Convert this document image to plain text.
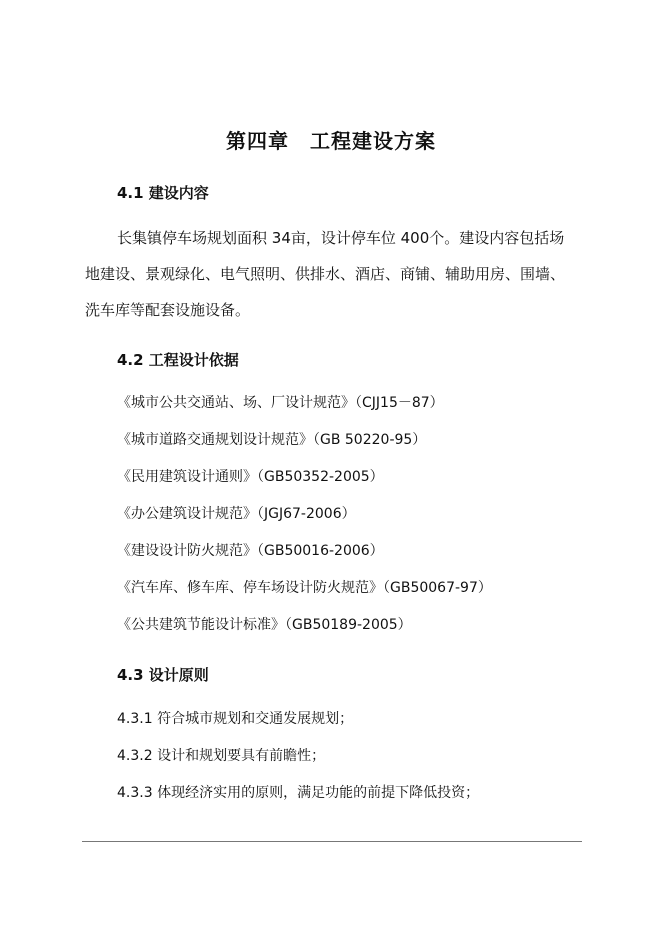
第四章　工程建设方案
4.1 建设内容
长集镇停车场规划面积 34亩，设计停车位 400个。建设内容包括场
地建设、景观绿化、电气照明、供排水、酒店、商铺、辅助用房、围墙、
洗车库等配套设施设备。
4.2 工程设计依据
《城市公共交通站、场、厂设计规范》（CJJ15－87）
《城市道路交通规划设计规范》（GB 50220-95）
《民用建筑设计通则》（GB50352-2005）
《办公建筑设计规范》（JGJ67-2006）
《建设设计防火规范》（GB50016-2006）
《汽车库、修车库、停车场设计防火规范》（GB50067-97）
《公共建筑节能设计标准》（GB50189-2005）
4.3 设计原则
4.3.1 符合城市规划和交通发展规划；
4.3.2 设计和规划要具有前瞻性；
4.3.3 体现经济实用的原则，满足功能的前提下降低投资；
